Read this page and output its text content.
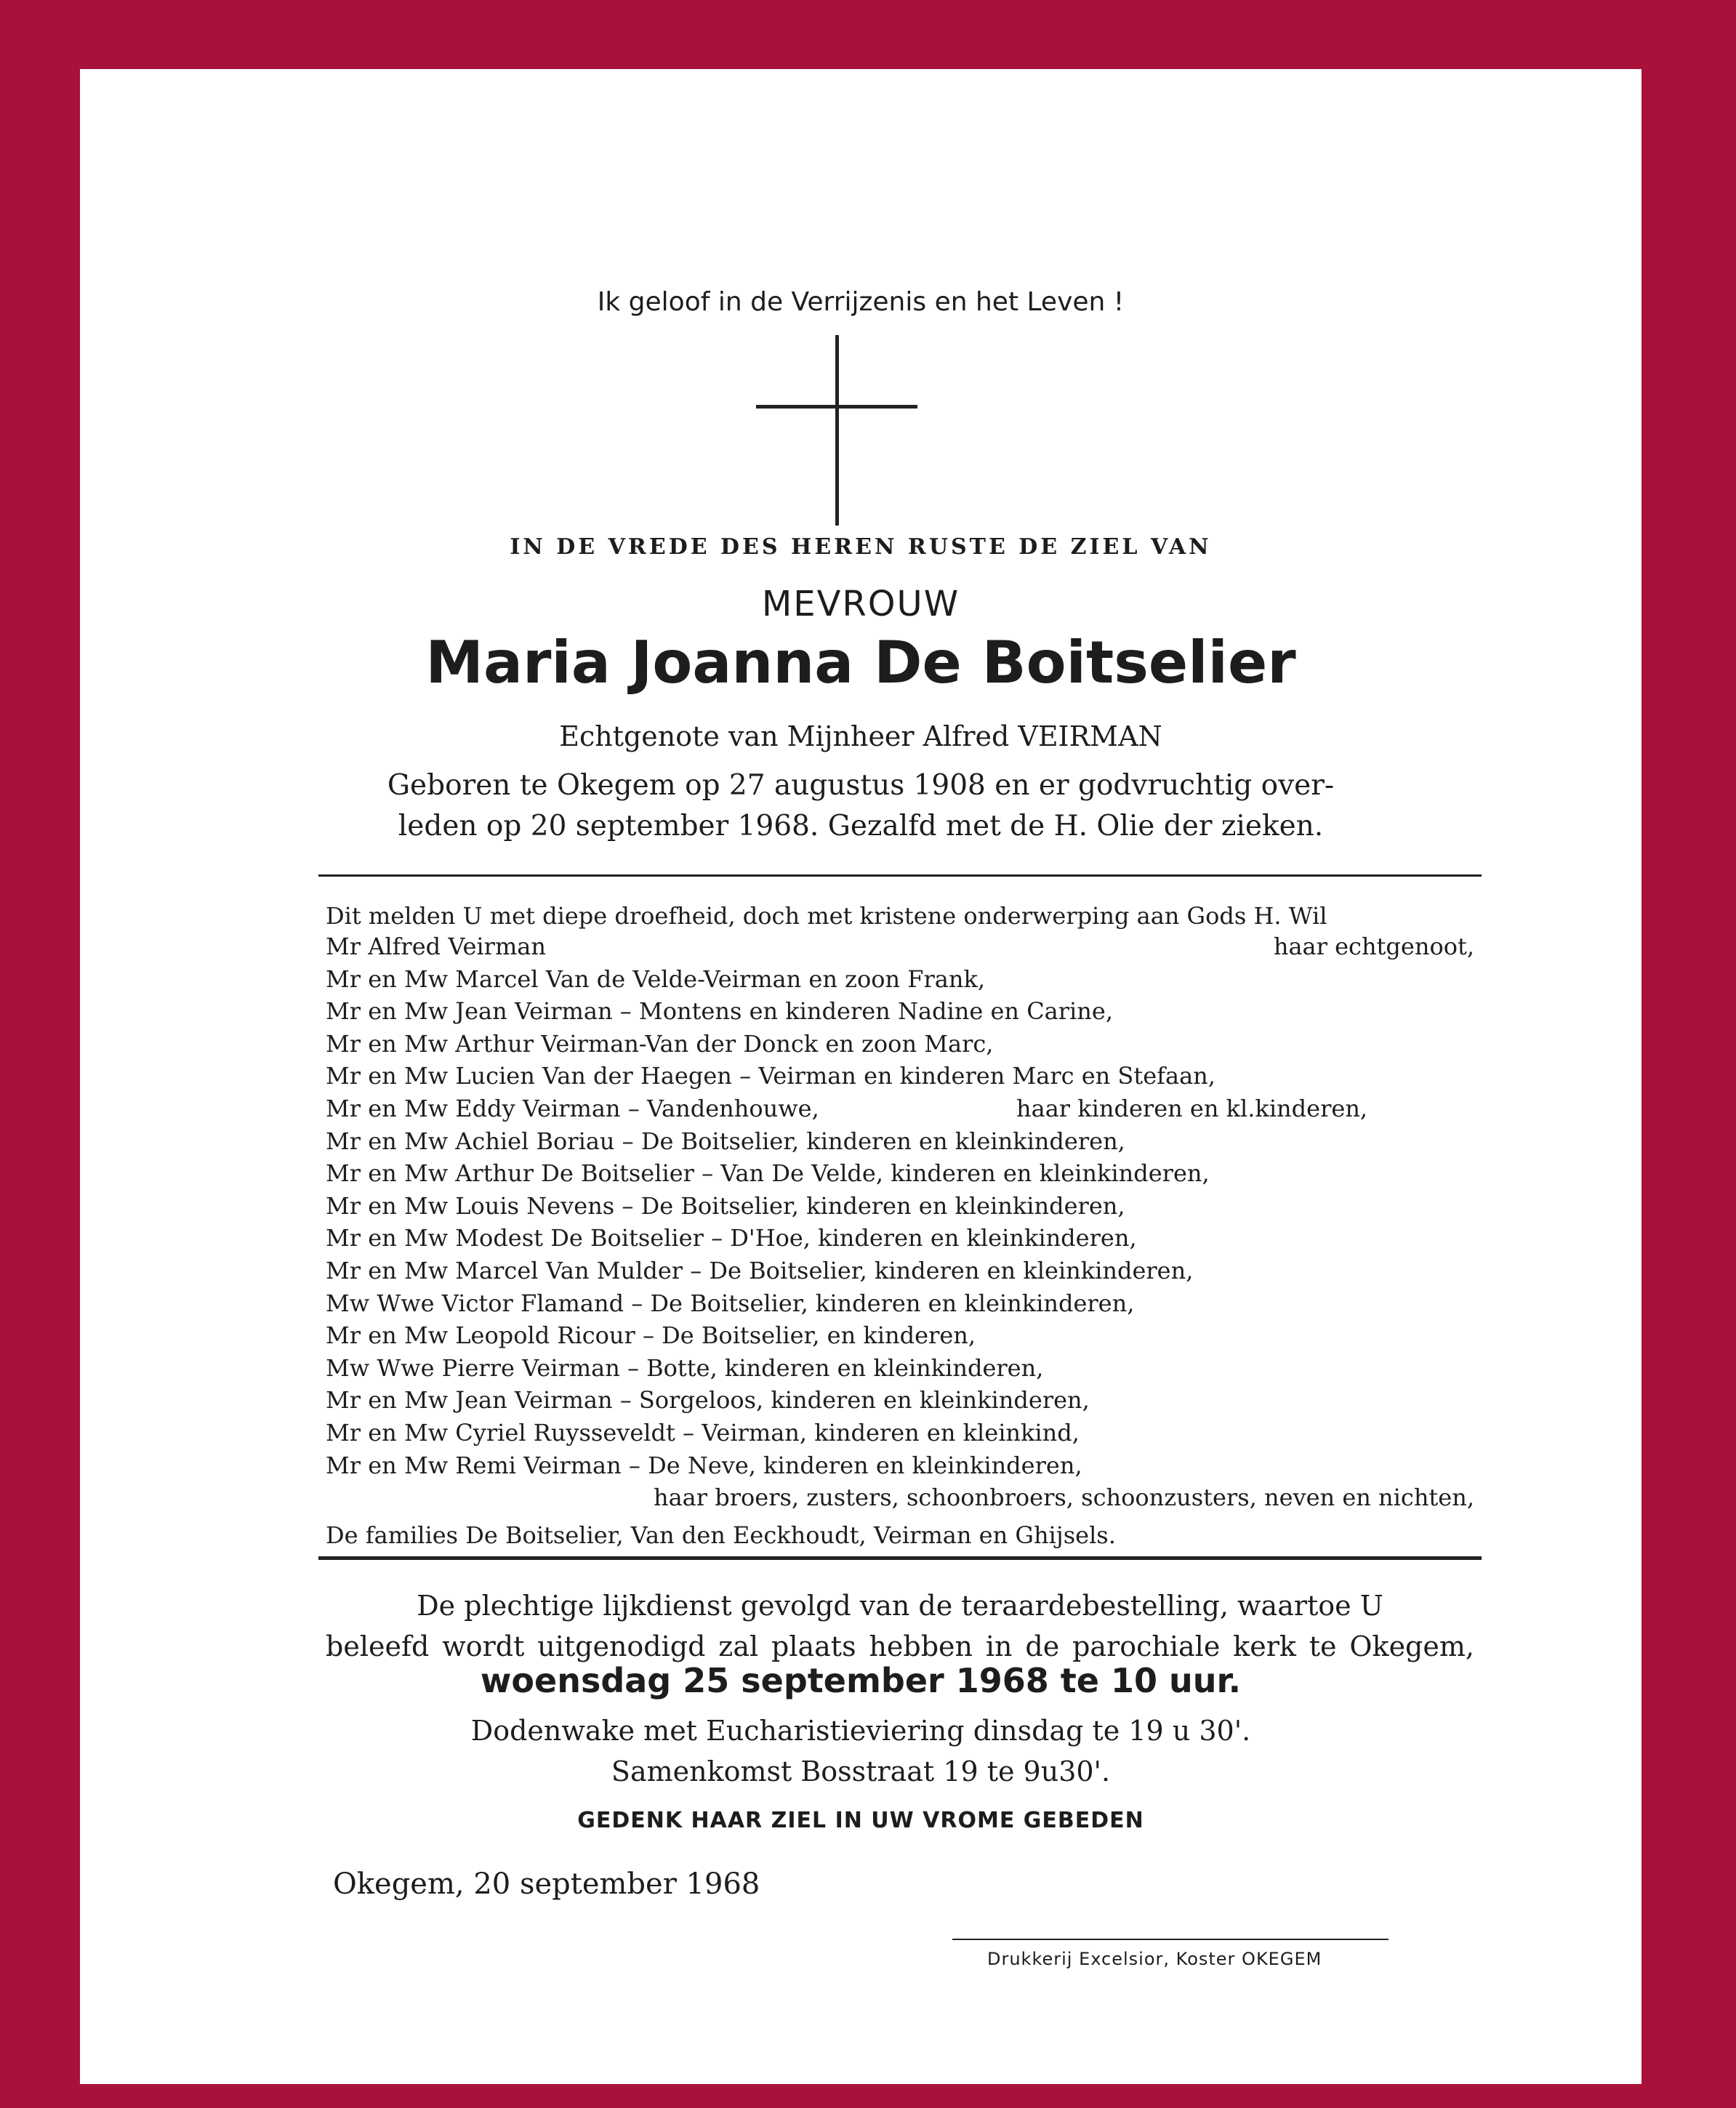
Ik geloof in de Verrijzenis en het Leven !
IN DE VREDE DES HEREN RUSTE DE ZIEL VAN
MEVROUW
Maria Joanna De Boitselier
Echtgenote van Mijnheer Alfred VEIRMAN
Geboren te Okegem op 27 augustus 1908 en er godvruchtig over-
leden op 20 september 1968. Gezalfd met de H. Olie der zieken.
Dit melden U met diepe droefheid, doch met kristene onderwerping aan Gods H. Wil
Mr Alfred Veirman	haar echtgenoot,
Mr en Mw Marcel Van de Velde-Veirman en zoon Frank,
Mr en Mw Jean Veirman – Montens en kinderen Nadine en Carine,
Mr en Mw Arthur Veirman-Van der Donck en zoon Marc,
Mr en Mw Lucien Van der Haegen – Veirman en kinderen Marc en Stefaan,
Mr en Mw Eddy Veirman – Vandenhouwe,	haar kinderen en kl.kinderen,
Mr en Mw Achiel Boriau – De Boitselier, kinderen en kleinkinderen,
Mr en Mw Arthur De Boitselier – Van De Velde, kinderen en kleinkinderen,
Mr en Mw Louis Nevens – De Boitselier, kinderen en kleinkinderen,
Mr en Mw Modest De Boitselier – D'Hoe, kinderen en kleinkinderen,
Mr en Mw Marcel Van Mulder – De Boitselier, kinderen en kleinkinderen,
Mw Wwe Victor Flamand – De Boitselier, kinderen en kleinkinderen,
Mr en Mw Leopold Ricour – De Boitselier, en kinderen,
Mw Wwe Pierre Veirman – Botte, kinderen en kleinkinderen,
Mr en Mw Jean Veirman – Sorgeloos, kinderen en kleinkinderen,
Mr en Mw Cyriel Ruysseveldt – Veirman, kinderen en kleinkind,
Mr en Mw Remi Veirman – De Neve, kinderen en kleinkinderen,
haar broers, zusters, schoonbroers, schoonzusters, neven en nichten,
De families De Boitselier, Van den Eeckhoudt, Veirman en Ghijsels.
De plechtige lijkdienst gevolgd van de teraardebestelling, waartoe U
beleefd wordt uitgenodigd zal plaats hebben in de parochiale kerk te Okegem,
woensdag 25 september 1968 te 10 uur.
Dodenwake met Eucharistieviering dinsdag te 19 u 30'.
Samenkomst Bosstraat 19 te 9u30'.
GEDENK HAAR ZIEL IN UW VROME GEBEDEN
Okegem, 20 september 1968
Drukkerij Excelsior, Koster OKEGEM
